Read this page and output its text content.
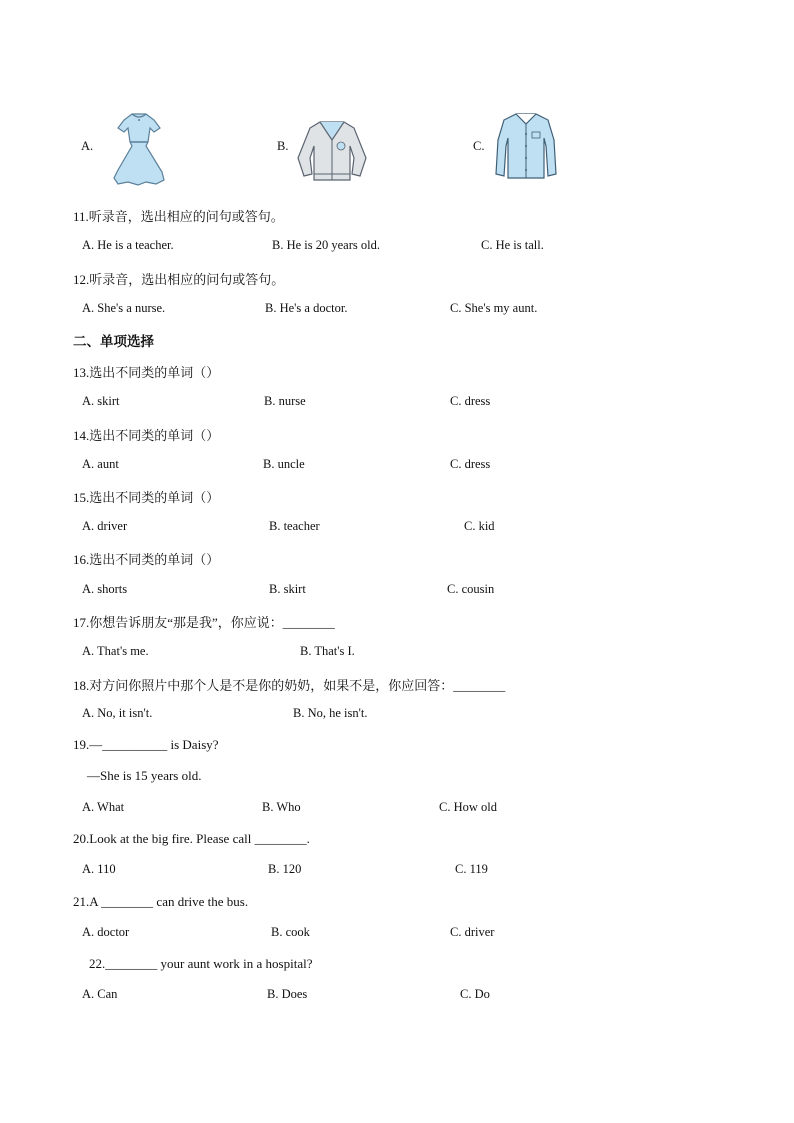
A.	B.	C.
11.听录音，选出相应的问句或答句。
A. He is a teacher.	B. He is 20 years old.	C. He is tall.
12.听录音，选出相应的问句或答句。
A. She's a nurse.	B. He's a doctor.	C. She's my aunt.
二、单项选择
13.选出不同类的单词（）
A. skirt	B. nurse	C. dress
14.选出不同类的单词（）
A. aunt	B. uncle	C. dress
15.选出不同类的单词（）
A. driver	B. teacher	C. kid
16.选出不同类的单词（）
A. shorts	B. skirt	C. cousin
17.你想告诉朋友“那是我”，你应说：________
A. That's me.	B. That's I.
18.对方问你照片中那个人是不是你的奶奶，如果不是，你应回答：________
A. No, it isn't.	B. No, he isn't.
19.—__________ is Daisy?
—She is 15 years old.
A. What	B. Who	C. How old
20.Look at the big fire. Please call ________.
A. 110	B. 120	C. 119
21.A ________ can drive the bus.
A. doctor	B. cook	C. driver
22.________ your aunt work in a hospital?
A. Can	B. Does	C. Do
